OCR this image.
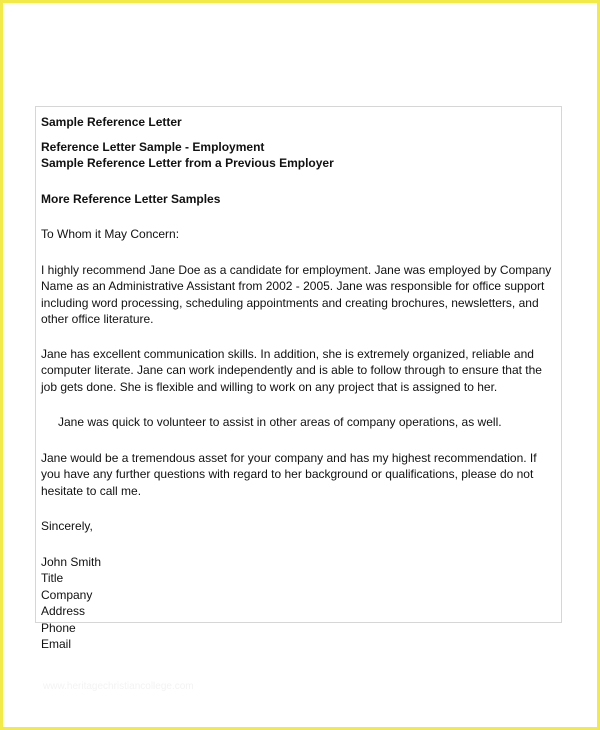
Sample Reference Letter

Reference Letter Sample - Employment

Sample Reference Letter from a Previous Employer

More Reference Letter Samples

To Whom it May Concern:

I highly recommend Jane Doe as a candidate for employment. Jane was employed by Company Name as an Administrative Assistant from 2002 - 2005. Jane was responsible for office support including word processing, scheduling appointments and creating brochures, newsletters, and other office literature.

Jane has excellent communication skills. In addition, she is extremely organized, reliable and computer literate. Jane can work independently and is able to follow through to ensure that the job gets done. She is flexible and willing to work on any project that is assigned to her.

Jane was quick to volunteer to assist in other areas of company operations, as well.

Jane would be a tremendous asset for your company and has my highest recommendation. If you have any further questions with regard to her background or qualifications, please do not hesitate to call me.

Sincerely,

John Smith

Title

Company

Address

Phone

Email

www.heritagechristiancollege.com
